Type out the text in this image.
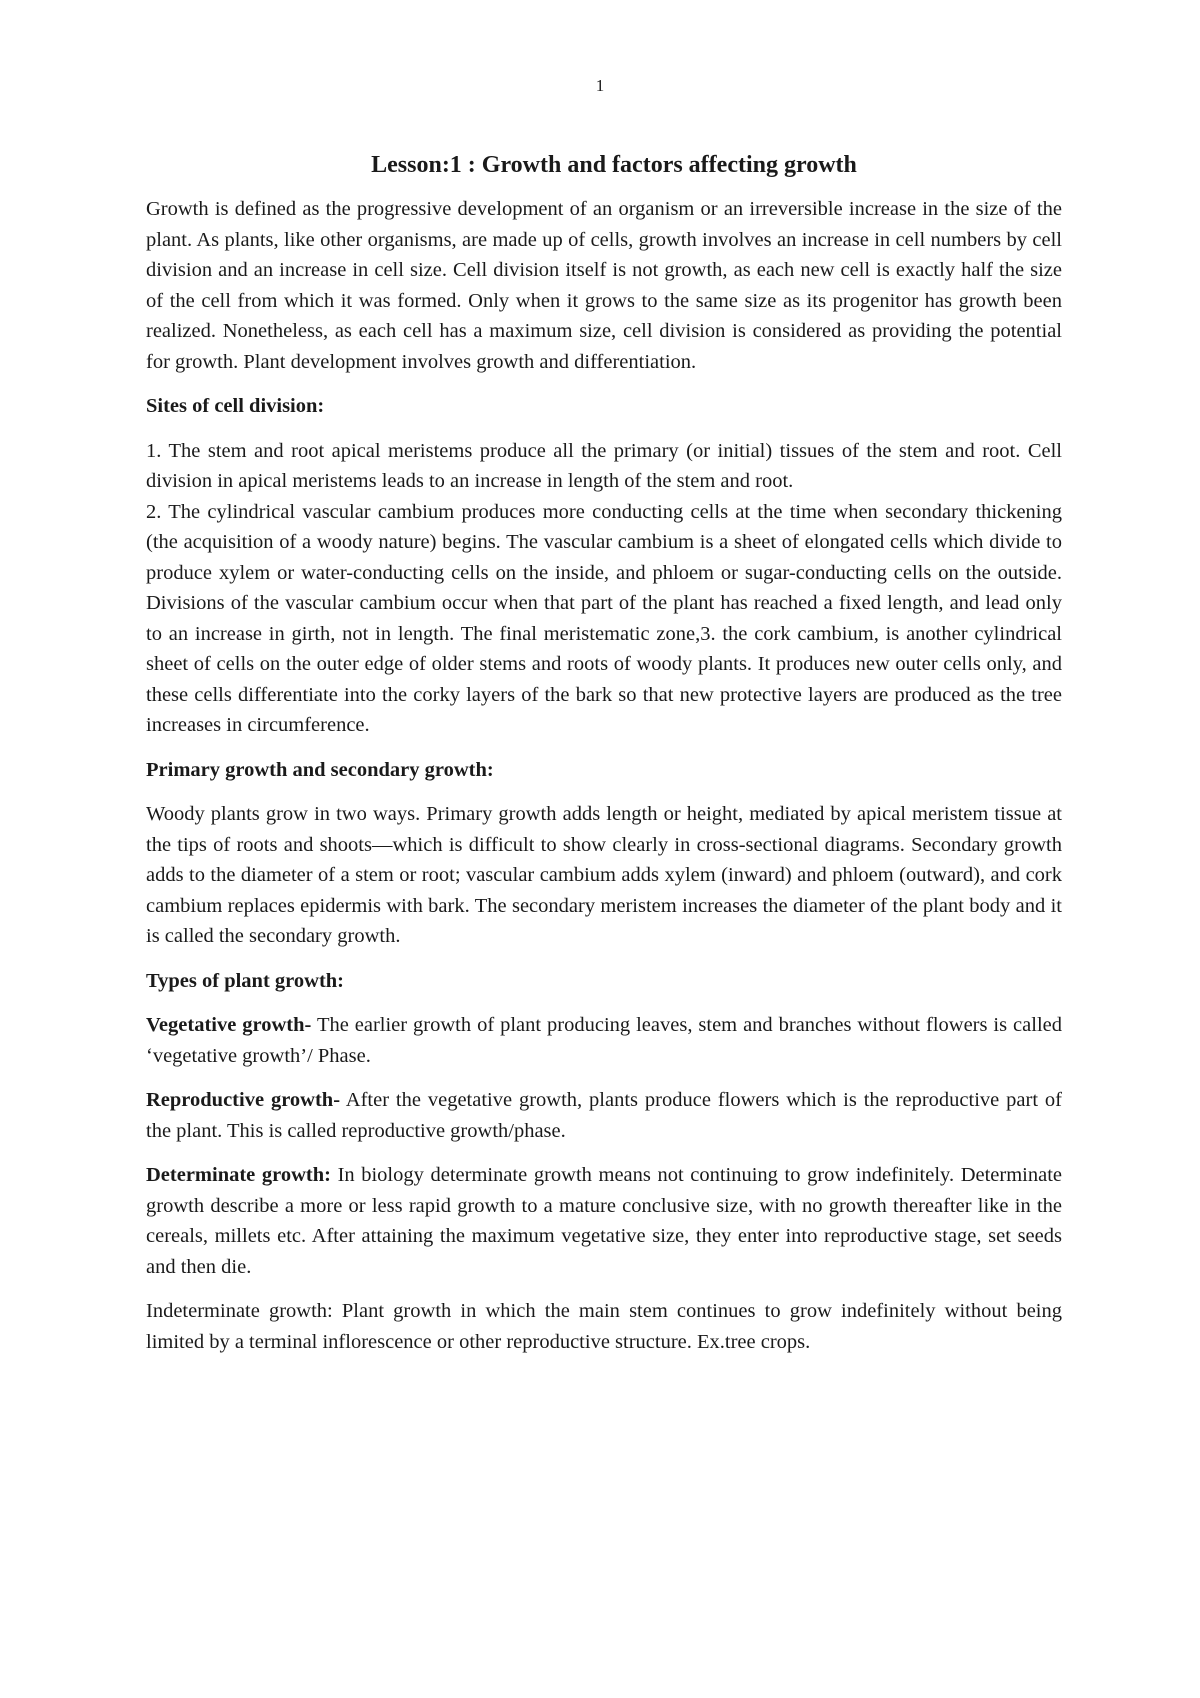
1
Lesson:1 : Growth and factors affecting growth

Growth is defined as the progressive development of an organism or an irreversible increase in the size of the plant. As plants, like other organisms, are made up of cells, growth involves an increase in cell numbers by cell division and an increase in cell size. Cell division itself is not growth, as each new cell is exactly half the size of the cell from which it was formed. Only when it grows to the same size as its progenitor has growth been realized. Nonetheless, as each cell has a maximum size, cell division is considered as providing the potential for growth. Plant development involves growth and differentiation.

Sites of cell division:

1. The stem and root apical meristems produce all the primary (or initial) tissues of the stem and root. Cell division in apical meristems leads to an increase in length of the stem and root.

2. The cylindrical vascular cambium produces more conducting cells at the time when secondary thickening (the acquisition of a woody nature) begins. The vascular cambium is a sheet of elongated cells which divide to produce xylem or water-conducting cells on the inside, and phloem or sugar-conducting cells on the outside. Divisions of the vascular cambium occur when that part of the plant has reached a fixed length, and lead only to an increase in girth, not in length. The final meristematic zone,3. the cork cambium, is another cylindrical sheet of cells on the outer edge of older stems and roots of woody plants. It produces new outer cells only, and these cells differentiate into the corky layers of the bark so that new protective layers are produced as the tree increases in circumference.

Primary growth and secondary growth:

Woody plants grow in two ways. Primary growth adds length or height, mediated by apical meristem tissue at the tips of roots and shoots—which is difficult to show clearly in cross-sectional diagrams. Secondary growth adds to the diameter of a stem or root; vascular cambium adds xylem (inward) and phloem (outward), and cork cambium replaces epidermis with bark. The secondary meristem increases the diameter of the plant body and it is called the secondary growth.

Types of plant growth:

Vegetative growth- The earlier growth of plant producing leaves, stem and branches without flowers is called ‘vegetative growth’/ Phase.

Reproductive growth- After the vegetative growth, plants produce flowers which is the reproductive part of the plant. This is called reproductive growth/phase.

Determinate growth: In biology determinate growth means not continuing to grow indefinitely. Determinate growth describe a more or less rapid growth to a mature conclusive size, with no growth thereafter like in the cereals, millets etc. After attaining the maximum vegetative size, they enter into reproductive stage, set seeds and then die.

Indeterminate growth: Plant growth in which the main stem continues to grow indefinitely without being limited by a terminal inflorescence or other reproductive structure. Ex.tree crops.
